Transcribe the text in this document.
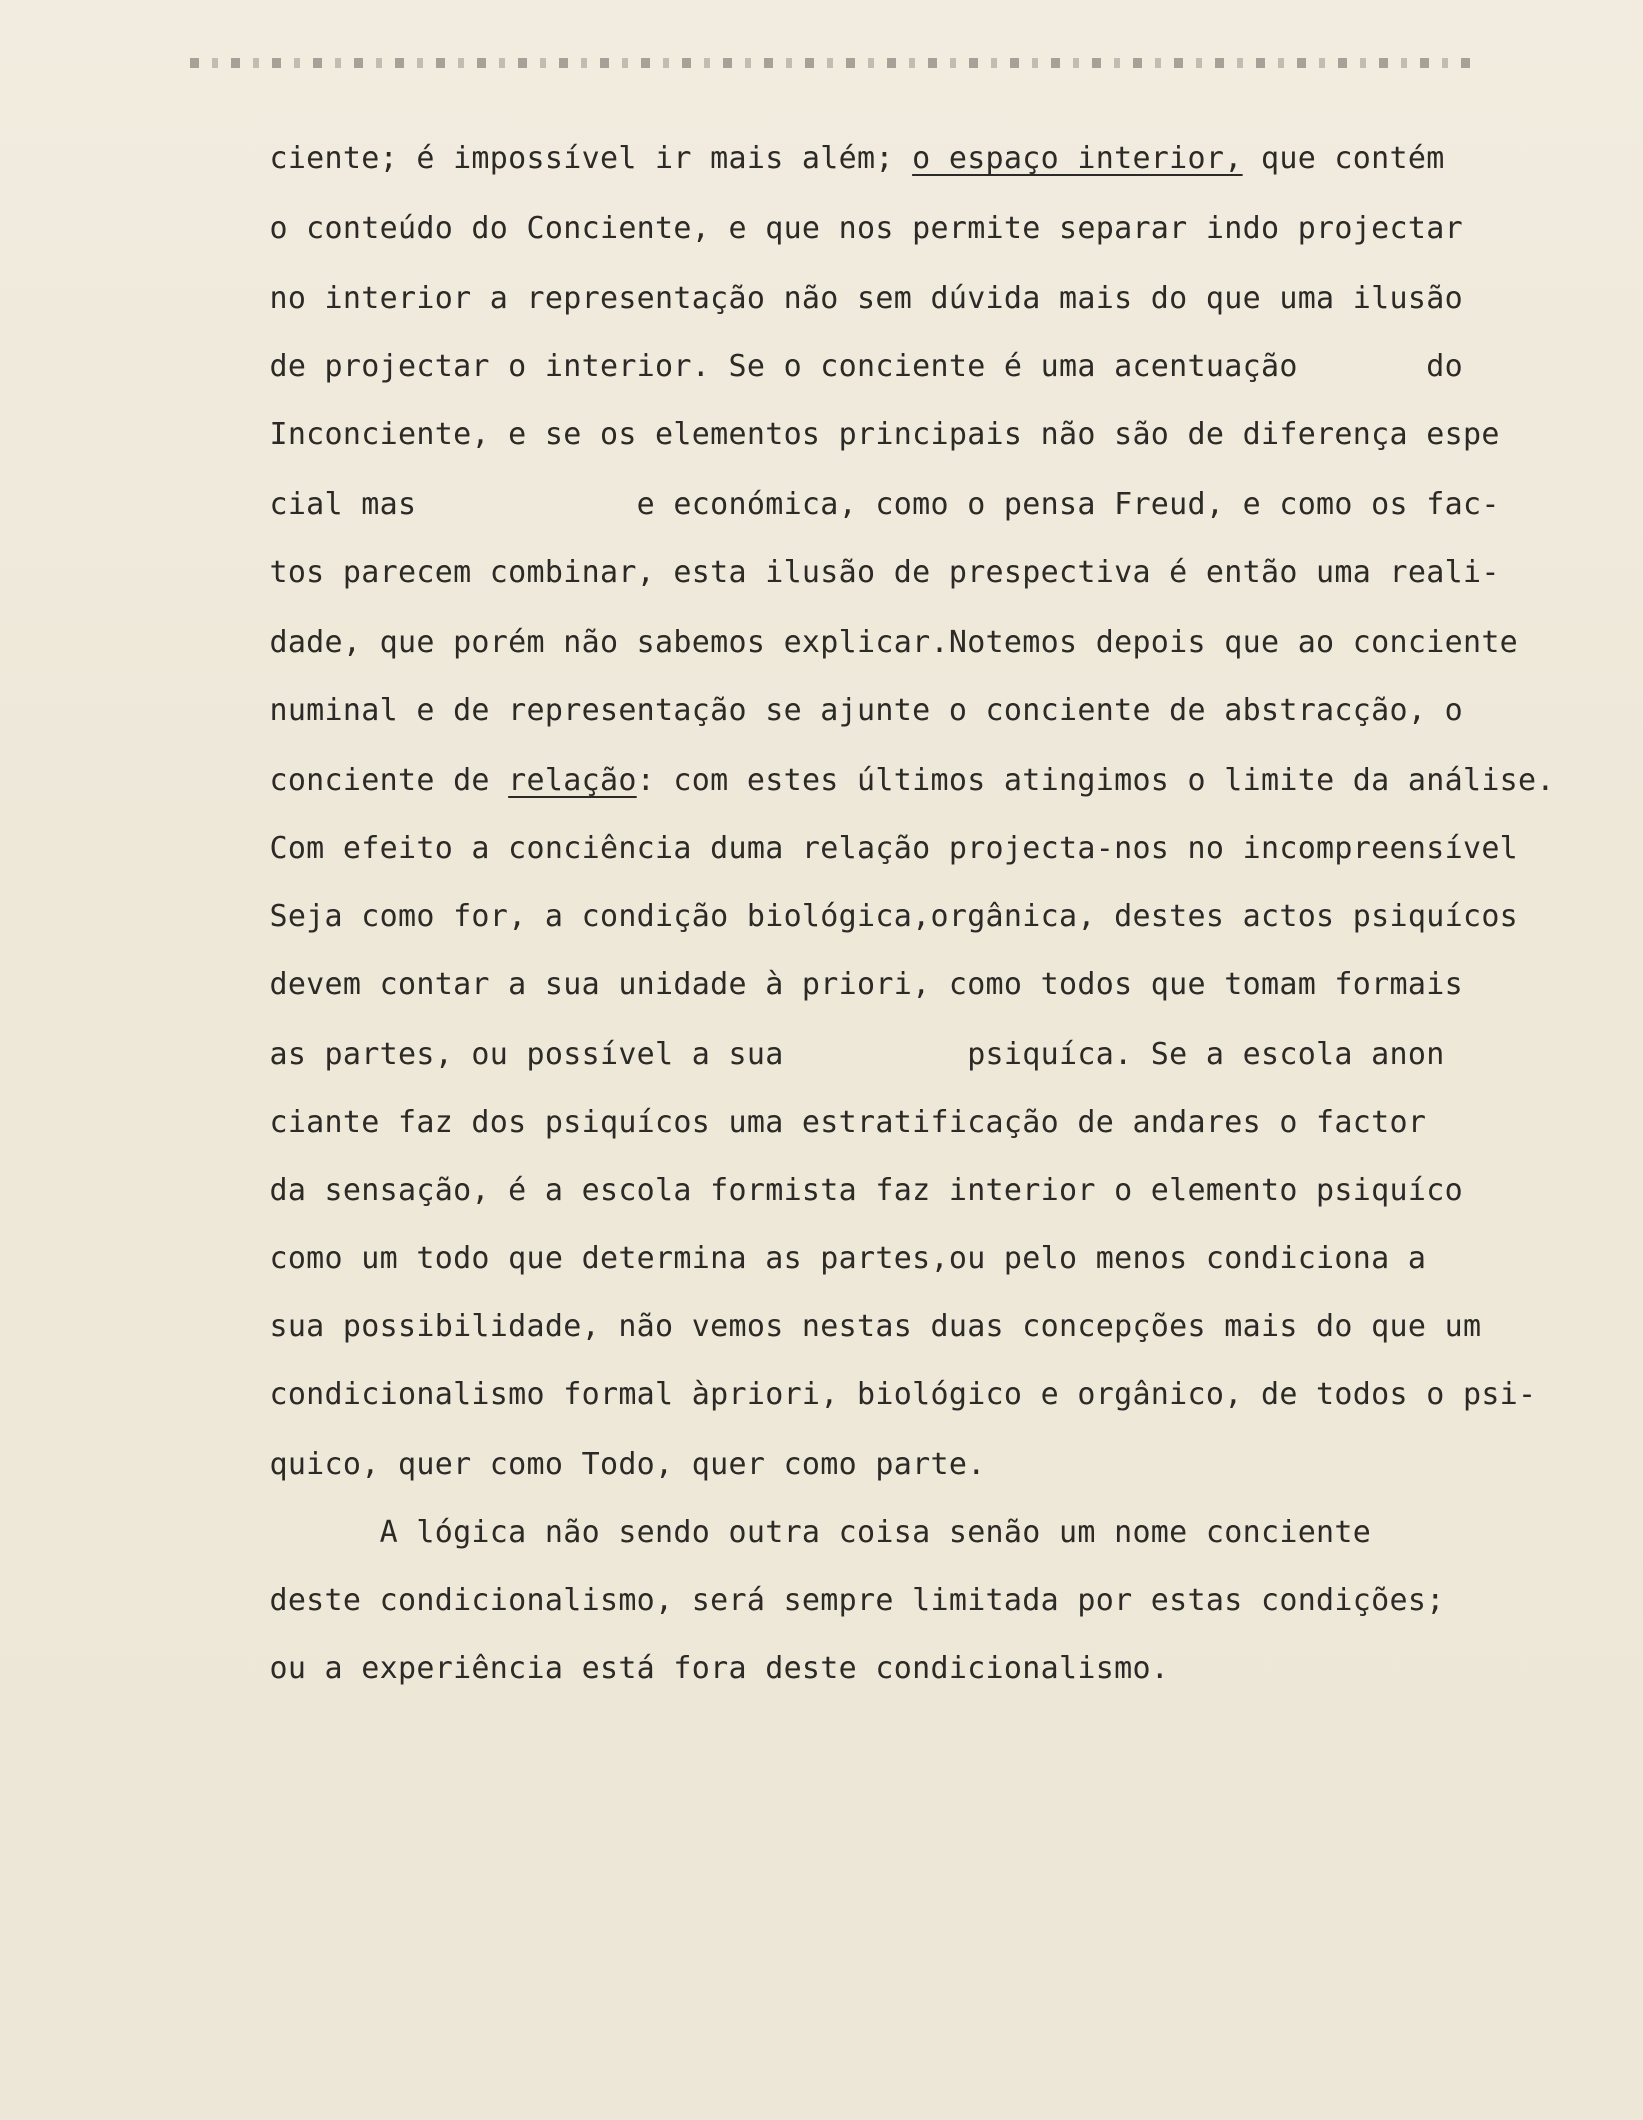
ciente; é impossível ir mais além; o espaço interior, que contém

o conteúdo do Conciente, e que nos permite separar indo projectar

no interior a representação não sem dúvida mais do que uma ilusão

de projectar o interior. Se o conciente é uma acentuação       do

Inconciente, e se os elementos principais não são de diferença espe

cial mas            e económica, como o pensa Freud, e como os fac-

tos parecem combinar, esta ilusão de prespectiva é então uma reali-

dade, que porém não sabemos explicar.Notemos depois que ao conciente

numinal e de representação se ajunte o conciente de abstracção, o

conciente de relação: com estes últimos atingimos o limite da análise.

Com efeito a conciência duma relação projecta-nos no incompreensível

Seja como for, a condição biológica,orgânica, destes actos psiquícos

devem contar a sua unidade à priori, como todos que tomam formais

as partes, ou possível a sua          psiquíca. Se a escola anon

ciante faz dos psiquícos uma estratificação de andares o factor

da sensação, é a escola formista faz interior o elemento psiquíco

como um todo que determina as partes,ou pelo menos condiciona a

sua possibilidade, não vemos nestas duas concepções mais do que um

condicionalismo formal àpriori, biológico e orgânico, de todos o psi-

quico, quer como Todo, quer como parte.

A lógica não sendo outra coisa senão um nome conciente

deste condicionalismo, será sempre limitada por estas condições;

ou a experiência está fora deste condicionalismo.
